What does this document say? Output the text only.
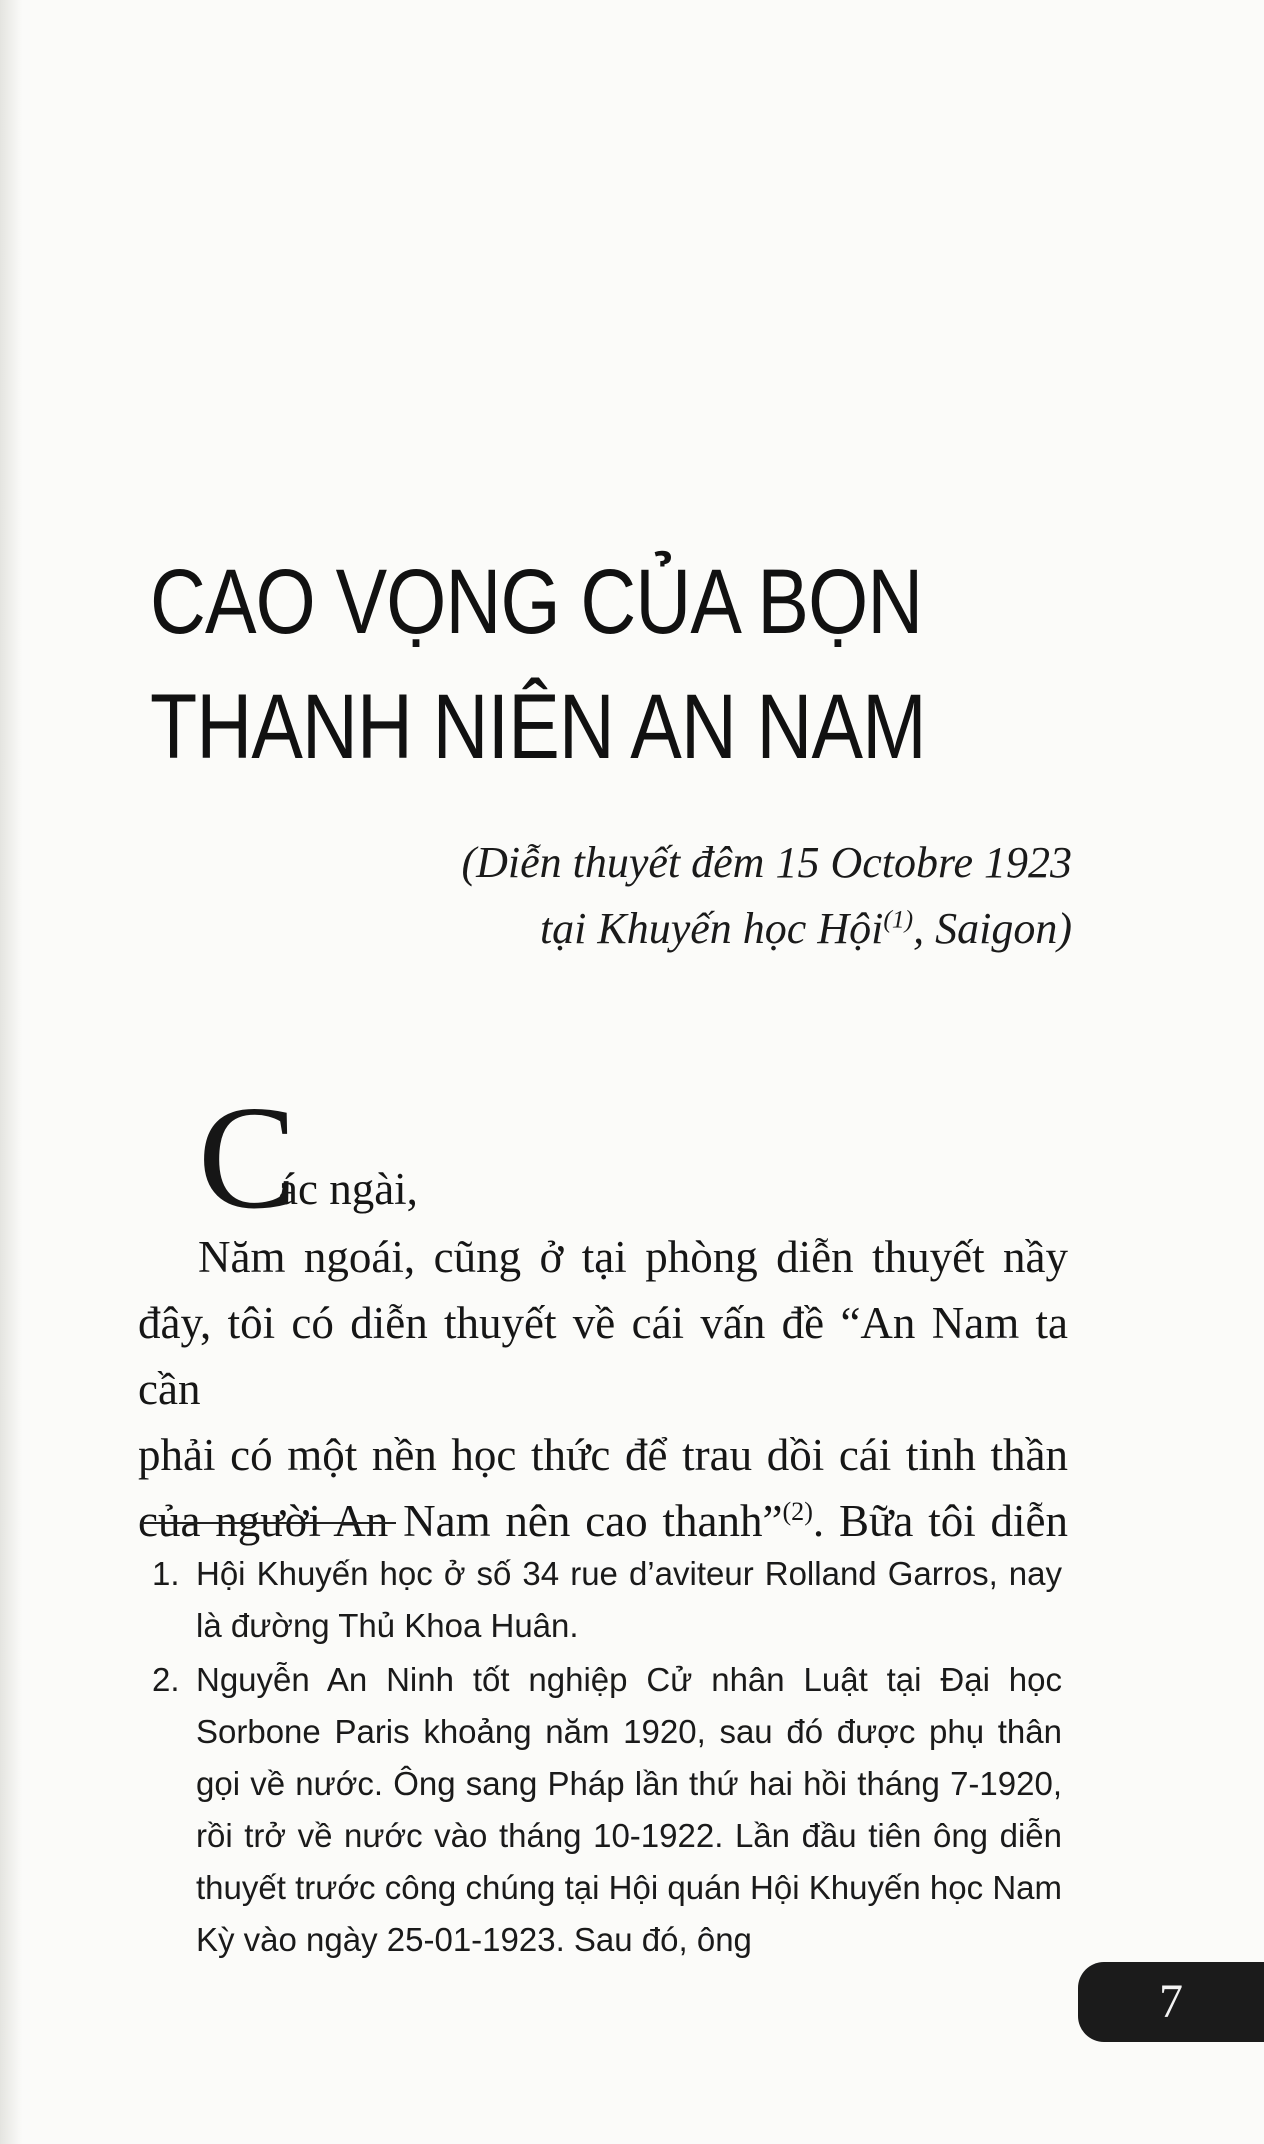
CAO VỌNG CỦA BỌN
THANH NIÊN AN NAM
(Diễn thuyết đêm 15 Octobre 1923
tại Khuyến học Hội$^{(1)}$, Saigon)
C
ác ngài,
Năm ngoái, cũng ở tại phòng diễn thuyết nầy
đây, tôi có diễn thuyết về cái vấn đề “An Nam ta cần
phải có một nền học thức để trau dồi cái tinh thần
của người An Nam nên cao thanh”$^{(2)}$. Bữa tôi diễn
1. Hội Khuyến học ở số 34 rue d’aviteur Rolland Garros, nay là đường Thủ Khoa Huân.
2. Nguyễn An Ninh tốt nghiệp Cử nhân Luật tại Đại học Sorbone Paris khoảng năm 1920, sau đó được phụ thân gọi về nước. Ông sang Pháp lần thứ hai hồi tháng 7-1920, rồi trở về nước vào tháng 10-1922. Lần đầu tiên ông diễn thuyết trước công chúng tại Hội quán Hội Khuyến học Nam Kỳ vào ngày 25-01-1923. Sau đó, ông
7
